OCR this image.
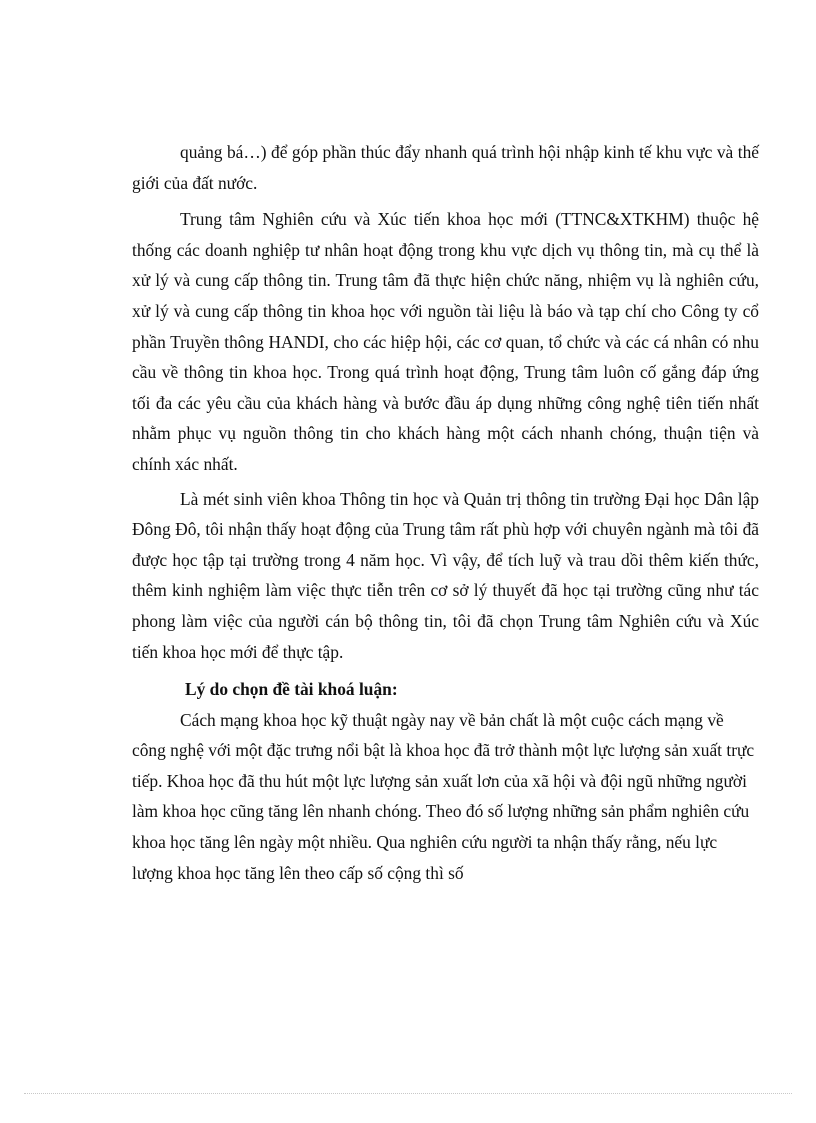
quảng bá…) để góp phần thúc đẩy nhanh quá trình hội nhập kinh tế khu vực và thế giới của đất nước.

Trung tâm Nghiên cứu và Xúc tiến khoa học mới (TTNC&XTKHM) thuộc hệ thống các doanh nghiệp tư nhân hoạt động trong khu vực dịch vụ thông tin, mà cụ thể là xử lý và cung cấp thông tin. Trung tâm đã thực hiện chức năng, nhiệm vụ là nghiên cứu, xử lý và cung cấp thông tin khoa học với nguồn tài liệu là báo và tạp chí cho Công ty cổ phần Truyền thông HANDI, cho các hiệp hội, các cơ quan, tổ chức và các cá nhân có nhu cầu về thông tin khoa học. Trong quá trình hoạt động, Trung tâm luôn cố gắng đáp ứng tối đa các yêu cầu của khách hàng và bước đầu áp dụng những công nghệ tiên tiến nhất nhằm phục vụ nguồn thông tin cho khách hàng một cách nhanh chóng, thuận tiện và chính xác nhất.

Là mét sinh viên khoa Thông tin học và Quản trị thông tin trường Đại học Dân lập Đông Đô, tôi nhận thấy hoạt động của Trung tâm rất phù hợp với chuyên ngành mà tôi đã được học tập tại trường trong 4 năm học. Vì vậy, để tích luỹ và trau dồi thêm kiến thức, thêm kinh nghiệm làm việc thực tiễn trên cơ sở lý thuyết đã học tại trường cũng như tác phong làm việc của người cán bộ thông tin, tôi đã chọn Trung tâm Nghiên cứu và Xúc tiến khoa học mới để thực tập.

Lý do chọn đề tài khoá luận:

Cách mạng khoa học kỹ thuật ngày nay về bản chất là một cuộc cách mạng về công nghệ với một đặc trưng nổi bật là khoa học đã trở thành một lực lượng sản xuất trực tiếp. Khoa học đã thu hút một lực lượng sản xuất lơn của xã hội và đội ngũ những người làm khoa học cũng tăng lên nhanh chóng. Theo đó số lượng những sản phẩm nghiên cứu khoa học tăng lên ngày một nhiều. Qua nghiên cứu người ta nhận thấy rằng, nếu lực lượng khoa học tăng lên theo cấp số cộng thì số
